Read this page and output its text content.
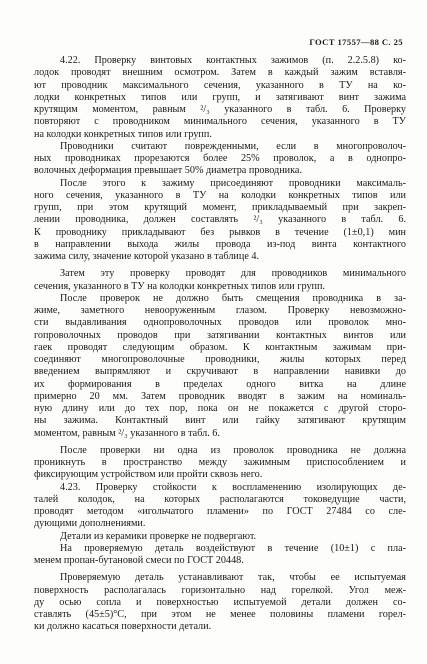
ГОСТ 17557—88 С. 25

4.22. Проверку винтовых контактных зажимов (п. 2.2.5.8) ко-
лодок проводят внешним осмотром. Затем в каждый зажим вставля-
ют проводник максимального сечения, указанного в ТУ на ко-
лодки конкретных типов или групп, и затягивают винт зажима
крутящим моментом, равным ²/₃ указанного в табл. 6. Проверку
повторяют с проводником минимального сечения, указанного в ТУ
на колодки конкретных типов или групп.

Проводники считают поврежденными, если в многопроволоч-
ных проводниках прорезаются более 25% проволок, а в однопро-
волочных деформация превышает 50% диаметра проводника.

После этого к зажиму присоединяют проводники максималь-
ного сечения, указанного в ТУ на колодки конкретных типов или
групп, при этом крутящий момент, прикладываемый при закреп-
лении проводника, должен составлять ²/₃ указанного в табл. 6.
К проводнику прикладывают без рывков в течение (1±0,1) мин
в направлении выхода жилы провода из-под винта контактного
зажима силу, значение которой указано в таблице 4.

Затем эту проверку проводят для проводников минимального
сечения, указанного в ТУ на колодки конкретных типов или групп.

После проверок не должно быть смещения проводника в за-
жиме, заметного невооруженным глазом. Проверку невозможно-
сти выдавливания однопроволочных проводов или проволок мно-
гопроволочных проводов при затягивании контактных винтов или
гаек проводят следующим образом. К контактным зажимам при-
соединяют многопроволочные проводники, жилы которых перед
введением выпрямляют и скручивают в направлении навивки до
их формирования в пределах одного витка на длине
примерно 20 мм. Затем проводник вводят в зажим на номиналь-
ную длину или до тех пор, пока он не покажется с другой сторо-
ны зажима. Контактный винт или гайку затягивают крутящим
моментом, равным ²/₃ указанного в табл. 6.

После проверки ни одна из проволок проводника не должна
проникнуть в пространство между зажимным приспособлением и
фиксирующим устройством или пройти сквозь него.

4.23. Проверку стойкости к воспламенению изолирующих де-
талей колодок, на которых располагаются токоведущие части,
проводят методом «игольчатого пламени» по ГОСТ 27484 со сле-
дующими дополнениями.

Детали из керамики проверке не подвергают.

На проверяемую деталь воздействуют в течение (10±1) с пла-
менем пропан-бутановой смеси по ГОСТ 20448.

Проверяемую деталь устанавливают так, чтобы ее испытуемая
поверхность располагалась горизонтально над горелкой. Угол меж-
ду осью сопла и поверхностью испытуемой детали должен со-
ставлять (45±5)°С, при этом не менее половины пламени горел-
ки должно касаться поверхности детали.
